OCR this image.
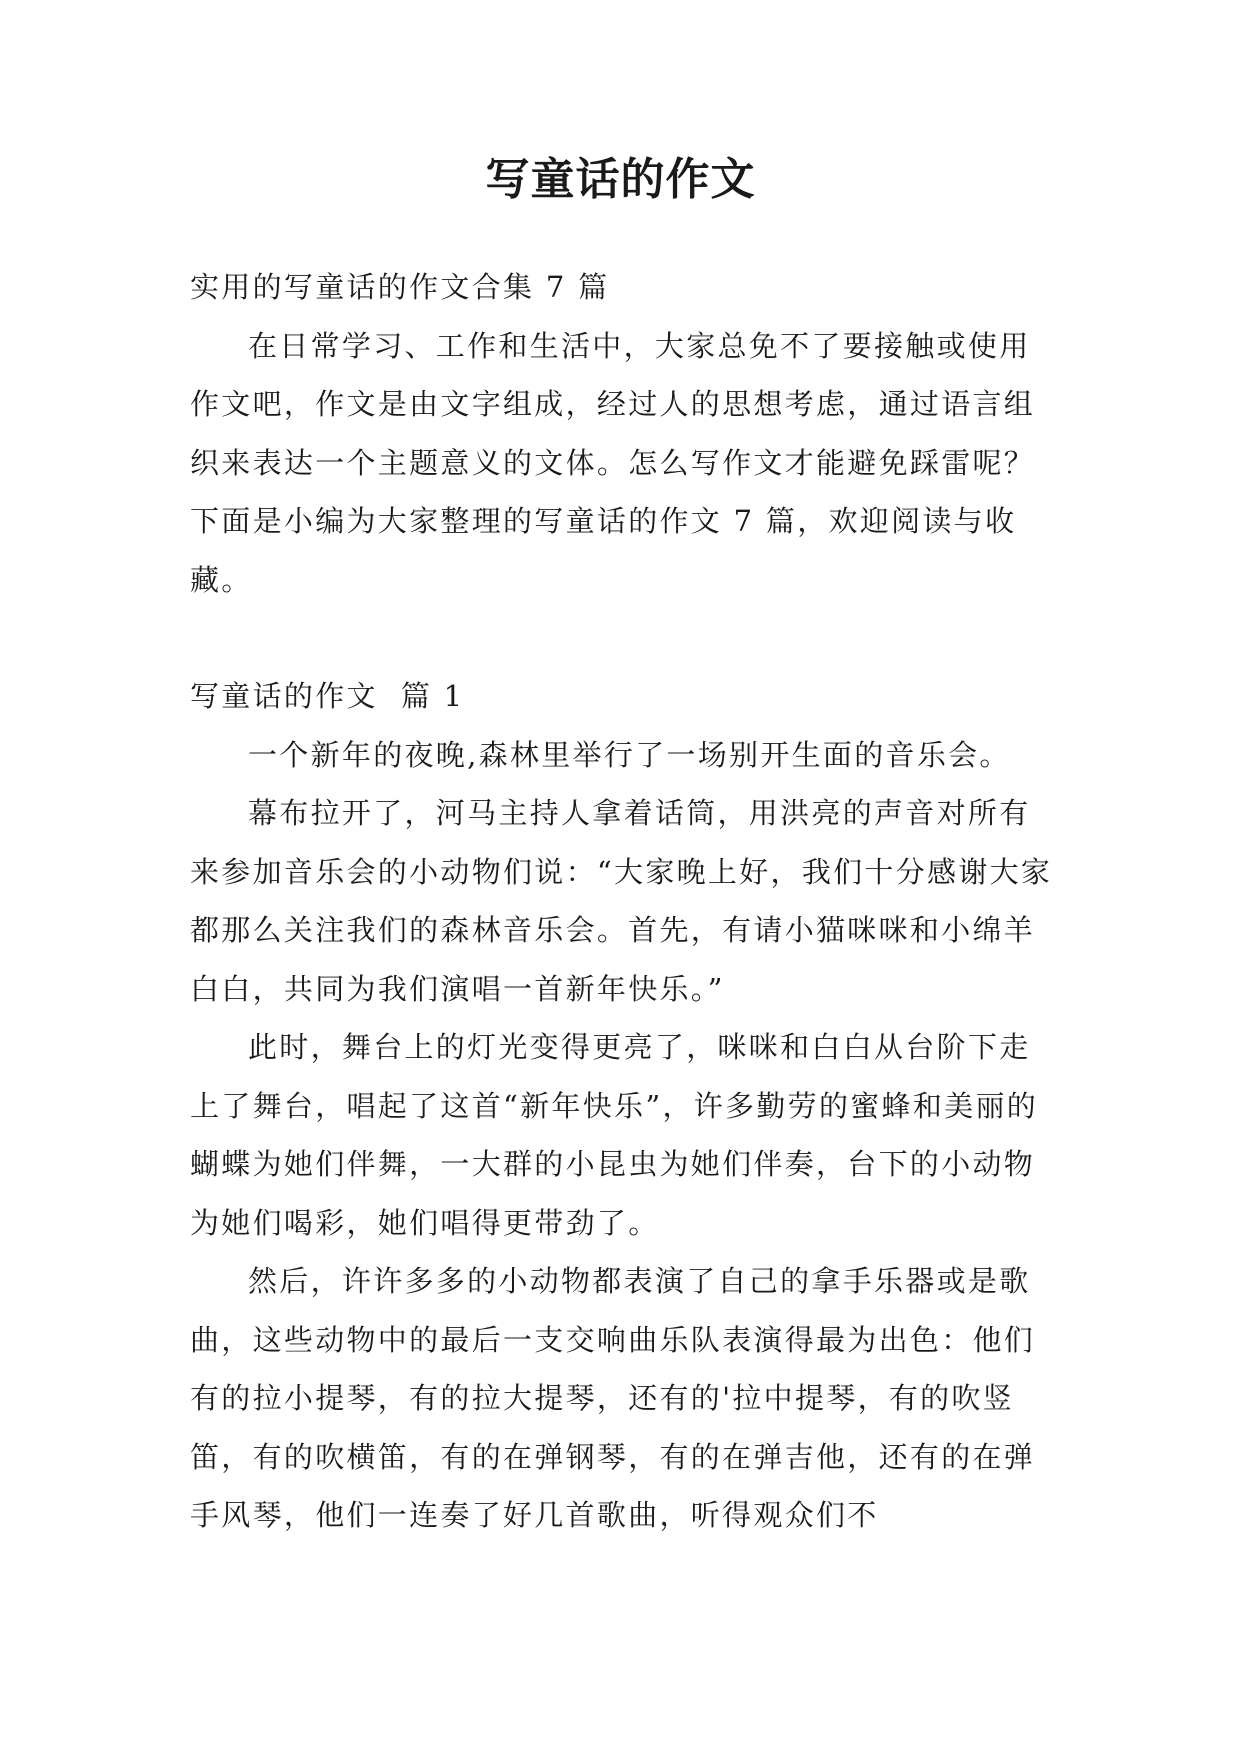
写童话的作文

实用的写童话的作文合集 7 篇

在日常学习、工作和生活中，大家总免不了要接触或使用作文吧，作文是由文字组成，经过人的思想考虑，通过语言组织来表达一个主题意义的文体。怎么写作文才能避免踩雷呢？下面是小编为大家整理的写童话的作文 7 篇，欢迎阅读与收藏。

写童话的作文  篇 1

一个新年的夜晚,森林里举行了一场别开生面的音乐会。

幕布拉开了，河马主持人拿着话筒，用洪亮的声音对所有来参加音乐会的小动物们说：“大家晚上好，我们十分感谢大家都那么关注我们的森林音乐会。首先，有请小猫咪咪和小绵羊白白，共同为我们演唱一首新年快乐。”

此时，舞台上的灯光变得更亮了，咪咪和白白从台阶下走上了舞台，唱起了这首“新年快乐”，许多勤劳的蜜蜂和美丽的蝴蝶为她们伴舞，一大群的小昆虫为她们伴奏，台下的小动物为她们喝彩，她们唱得更带劲了。

然后，许许多多的小动物都表演了自己的拿手乐器或是歌曲，这些动物中的最后一支交响曲乐队表演得最为出色：他们有的拉小提琴，有的拉大提琴，还有的'拉中提琴，有的吹竖笛，有的吹横笛，有的在弹钢琴，有的在弹吉他，还有的在弹手风琴，他们一连奏了好几首歌曲，听得观众们不
